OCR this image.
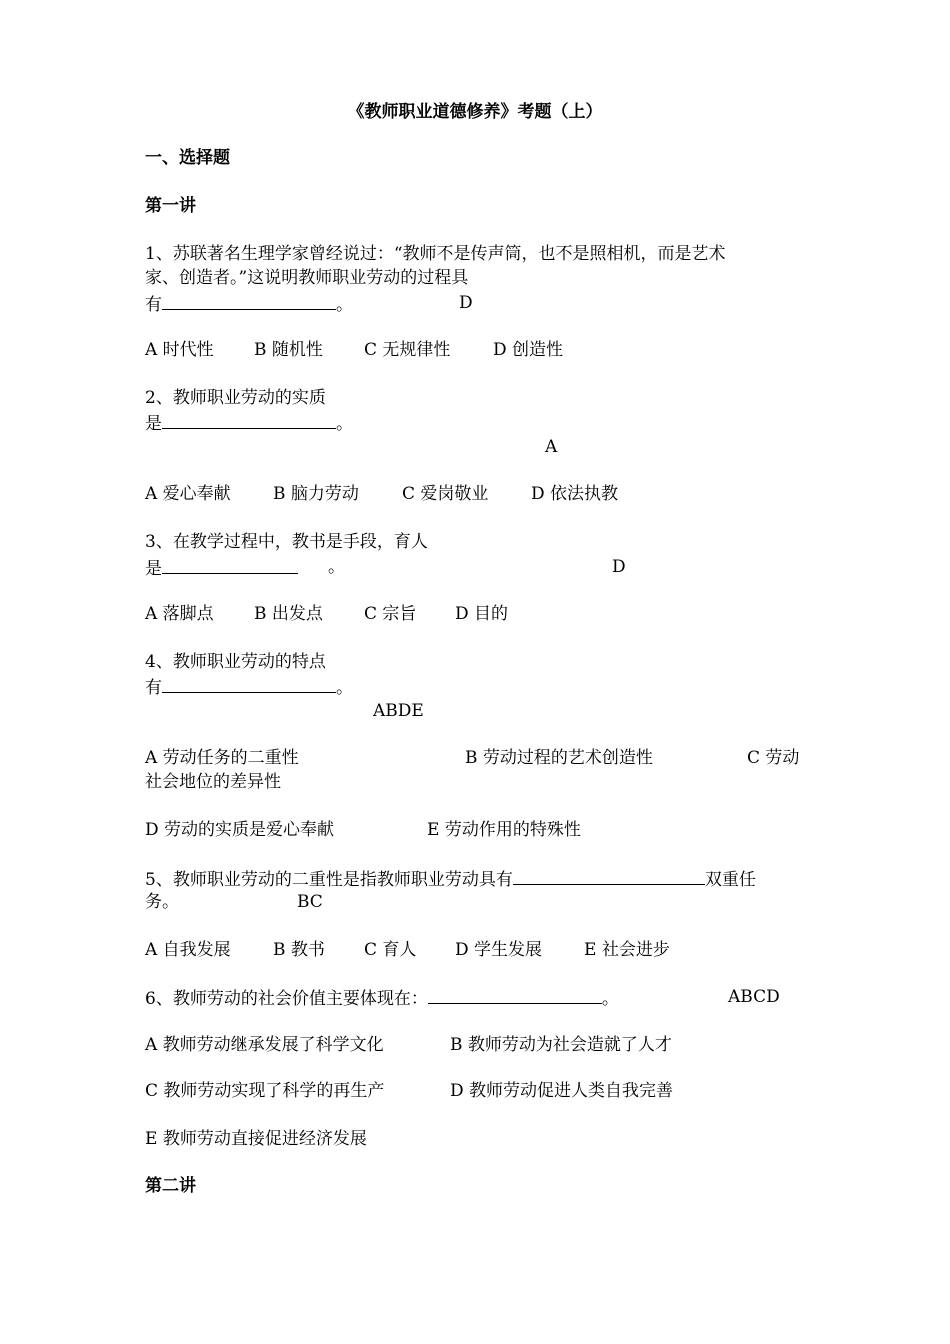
《教师职业道德修养》考题（上）
一、选择题
第一讲
1、苏联著名生理学家曾经说过：“教师不是传声筒，也不是照相机，而是艺术
家、创造者。”这说明教师职业劳动的过程具
有	。	D
A 时代性 B 随机性 C 无规律性	D 创造性
2、教师职业劳动的实质
是	。
A
A 爱心奉献 B 脑力劳动	C 爱岗敬业	D 依法执教
3、在教学过程中，教书是手段，育人
是	。	D
A 落脚点 B 出发点 C 宗旨 D 目的
4、教师职业劳动的特点
有	。
ABDE
A 劳动任务的二重性	B 劳动过程的艺术创造性	C 劳动
社会地位的差异性
D 劳动的实质是爱心奉献	E 劳动作用的特殊性
5、教师职业劳动的二重性是指教师职业劳动具有	双重任
务。	BC
A 自我发展 B 教书 C 育人 D 学生发展 E 社会进步
6、教师劳动的社会价值主要体现在：	。	ABCD
A 教师劳动继承发展了科学文化	B 教师劳动为社会造就了人才
C 教师劳动实现了科学的再生产	D 教师劳动促进人类自我完善
E 教师劳动直接促进经济发展
第二讲
